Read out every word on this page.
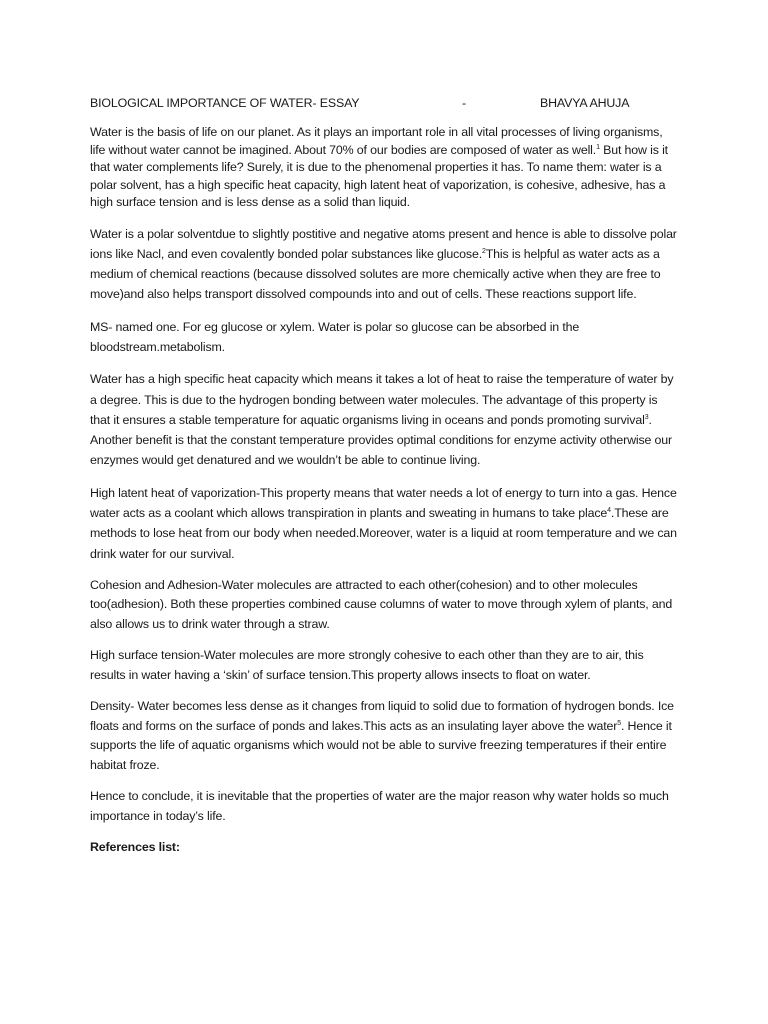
BIOLOGICAL IMPORTANCE OF WATER- ESSAY	-	BHAVYA AHUJA

Water is the basis of life on our planet. As it plays an important role in all vital processes of living organisms, life without water cannot be imagined. About 70% of our bodies are composed of water as well.$^1$ But how is it that water complements life? Surely, it is due to the phenomenal properties it has. To name them: water is a polar solvent, has a high specific heat capacity, high latent heat of vaporization, is cohesive, adhesive, has a high surface tension and is less dense as a solid than liquid.

Water is a polar solventdue to slightly postitive and negative atoms present and hence is able to dissolve polar ions like Nacl, and even covalently bonded polar substances like glucose.$^2$This is helpful as water acts as a medium of chemical reactions (because dissolved solutes are more chemically active when they are free to move)and also helps transport dissolved compounds into and out of cells. These reactions support life.

MS- named one. For eg glucose or xylem. Water is polar so glucose can be absorbed in the bloodstream.metabolism.

Water has a high specific heat capacity which means it takes a lot of heat to raise the temperature of water by a degree. This is due to the hydrogen bonding between water molecules. The advantage of this property is that it ensures a stable temperature for aquatic organisms living in oceans and ponds promoting survival$^3$. Another benefit is that the constant temperature provides optimal conditions for enzyme activity otherwise our enzymes would get denatured and we wouldn’t be able to continue living.

High latent heat of vaporization-This property means that water needs a lot of energy to turn into a gas. Hence water acts as a coolant which allows transpiration in plants and sweating in humans to take place$^4$.These are methods to lose heat from our body when needed.Moreover, water is a liquid at room temperature and we can drink water for our survival.

Cohesion and Adhesion-Water molecules are attracted to each other(cohesion) and to other molecules too(adhesion). Both these properties combined cause columns of water to move through xylem of plants, and also allows us to drink water through a straw.

High surface tension-Water molecules are more strongly cohesive to each other than they are to air, this results in water having a ‘skin’ of surface tension.This property allows insects to float on water.

Density- Water becomes less dense as it changes from liquid to solid due to formation of hydrogen bonds. Ice floats and forms on the surface of ponds and lakes.This acts as an insulating layer above the water$^5$. Hence it supports the life of aquatic organisms which would not be able to survive freezing temperatures if their entire habitat froze.

Hence to conclude, it is inevitable that the properties of water are the major reason why water holds so much importance in today’s life.

References list:
